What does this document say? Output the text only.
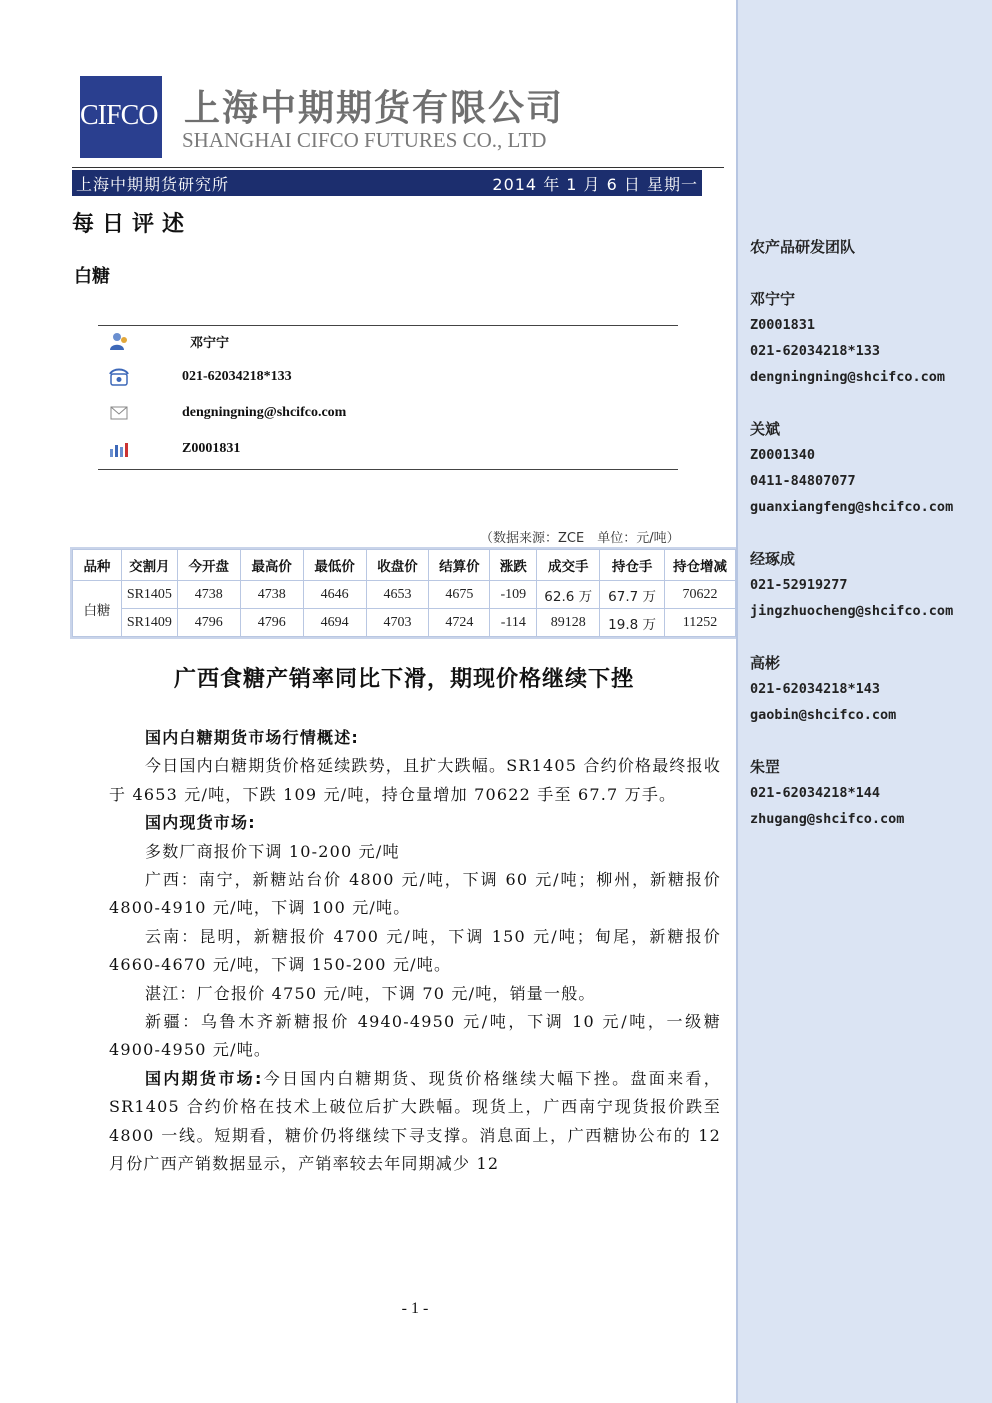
CIFCO 上海中期期货有限公司
SHANGHAI CIFCO FUTURES CO., LTD
上海中期期货研究所	2014 年 1 月 6 日 星期一
每日评述
白糖
邓宁宁
021-62034218*133
dengningning@shcifco.com
Z0001831
（数据来源：ZCE　单位：元/吨）
品种	交割月	今开盘	最高价	最低价	收盘价	结算价	涨跌	成交手	持仓手	持仓增减
白糖	SR1405	4738	4738	4646	4653	4675	-109	62.6 万	67.7 万	70622
	SR1409	4796	4796	4694	4703	4724	-114	89128	19.8 万	11252
广西食糖产销率同比下滑，期现价格继续下挫

国内白糖期货市场行情概述:

今日国内白糖期货价格延续跌势，且扩大跌幅。SR1405 合约价格最终报收于 4653 元/吨，下跌 109 元/吨，持仓量增加 70622 手至 67.7 万手。

国内现货市场:

多数厂商报价下调 10-200 元/吨

广西：南宁，新糖站台价 4800 元/吨，下调 60 元/吨；柳州，新糖报价 4800-4910 元/吨，下调 100 元/吨。

云南：昆明，新糖报价 4700 元/吨，下调 150 元/吨；甸尾，新糖报价 4660-4670 元/吨，下调 150-200 元/吨。

湛江：厂仓报价 4750 元/吨，下调 70 元/吨，销量一般。

新疆：乌鲁木齐新糖报价 4940-4950 元/吨，下调 10 元/吨，一级糖 4900-4950 元/吨。

国内期货市场:今日国内白糖期货、现货价格继续大幅下挫。盘面来看，SR1405 合约价格在技术上破位后扩大跌幅。现货上，广西南宁现货报价跌至 4800 一线。短期看，糖价仍将继续下寻支撑。消息面上，广西糖协公布的 12 月份广西产销数据显示，产销率较去年同期减少 12

- 1 -
农产品研发团队
邓宁宁
Z0001831
021-62034218*133
dengningning@shcifco.com
关斌
Z0001340
0411-84807077
guanxiangfeng@shcifco.com
经琢成
021-52919277
jingzhuocheng@shcifco.com
高彬
021-62034218*143
gaobin@shcifco.com
朱罡
021-62034218*144
zhugang@shcifco.com
